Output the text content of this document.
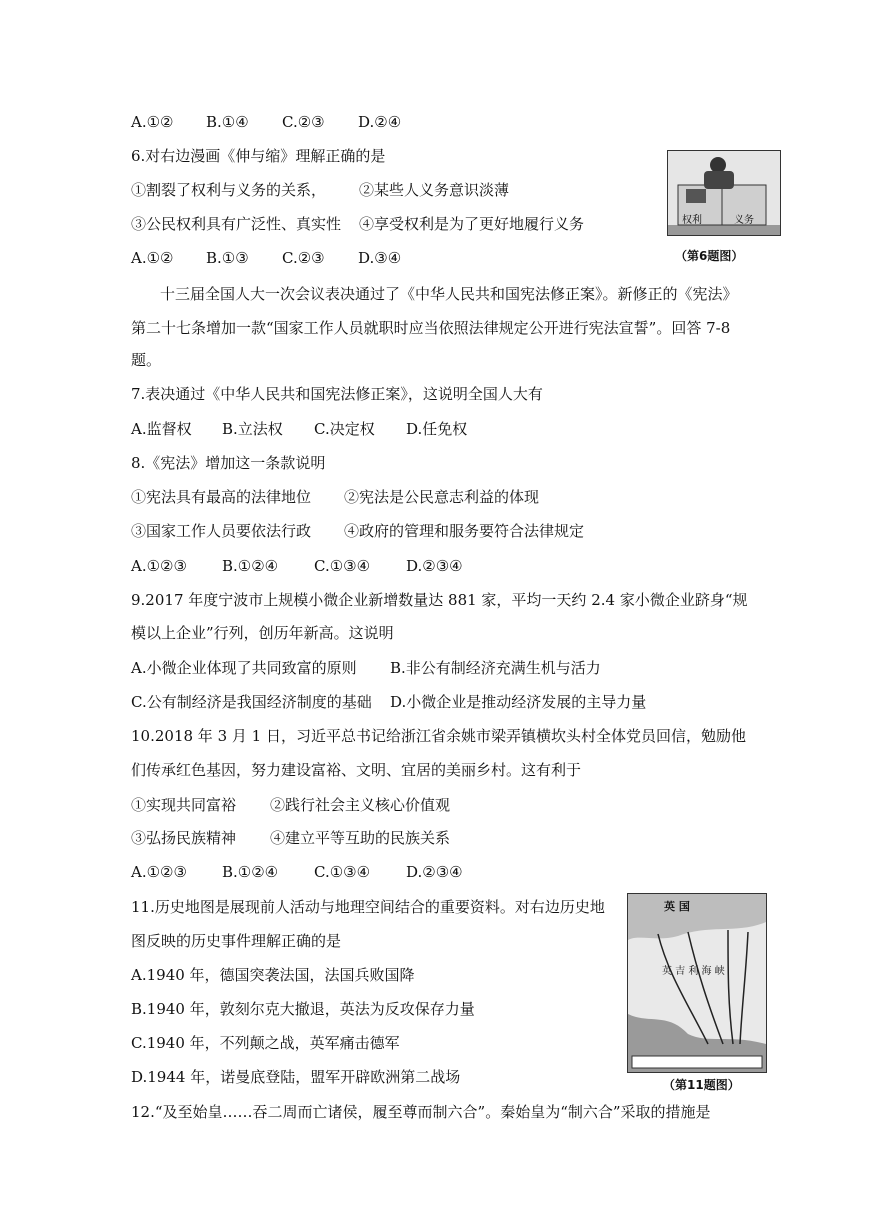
A.①② B.①④ C.②③ D.②④
6.对右边漫画《伸与缩》理解正确的是
①割裂了权利与义务的关系， ②某些人义务意识淡薄
③公民权利具有广泛性、真实性 ④享受权利是为了更好地履行义务
A.①② B.①③ C.②③ D.③④
权利	义务
（第6题图）
十三届全国人大一次会议表决通过了《中华人民共和国宪法修正案》。新修正的《宪法》
第二十七条增加一款“国家工作人员就职时应当依照法律规定公开进行宪法宣誓”。回答 7-8
题。
7.表决通过《中华人民共和国宪法修正案》，这说明全国人大有
A.监督权 B.立法权 C.决定权 D.任免权
8.《宪法》增加这一条款说明
①宪法具有最高的法律地位 ②宪法是公民意志利益的体现
③国家工作人员要依法行政 ④政府的管理和服务要符合法律规定
A.①②③ B.①②④ C.①③④ D.②③④
9.2017 年度宁波市上规模小微企业新增数量达 881 家，平均一天约 2.4 家小微企业跻身“规
模以上企业”行列，创历年新高。这说明
A.小微企业体现了共同致富的原则 B.非公有制经济充满生机与活力
C.公有制经济是我国经济制度的基础 D.小微企业是推动经济发展的主导力量
10.2018 年 3 月 1 日，习近平总书记给浙江省余姚市梁弄镇横坎头村全体党员回信，勉励他
们传承红色基因，努力建设富裕、文明、宜居的美丽乡村。这有利于
①实现共同富裕 ②践行社会主义核心价值观
③弘扬民族精神 ④建立平等互助的民族关系
A.①②③ B.①②④ C.①③④ D.②③④
11.历史地图是展现前人活动与地理空间结合的重要资料。对右边历史地
图反映的历史事件理解正确的是
A.1940 年，德国突袭法国，法国兵败国降
B.1940 年，敦刻尔克大撤退，英法为反攻保存力量
C.1940 年，不列颠之战，英军痛击德军
D.1944 年，诺曼底登陆，盟军开辟欧洲第二战场
英 国
英 吉 利 海 峡
（第11题图）
12.“及至始皇……吞二周而亡诸侯，履至尊而制六合”。秦始皇为“制六合”采取的措施是
